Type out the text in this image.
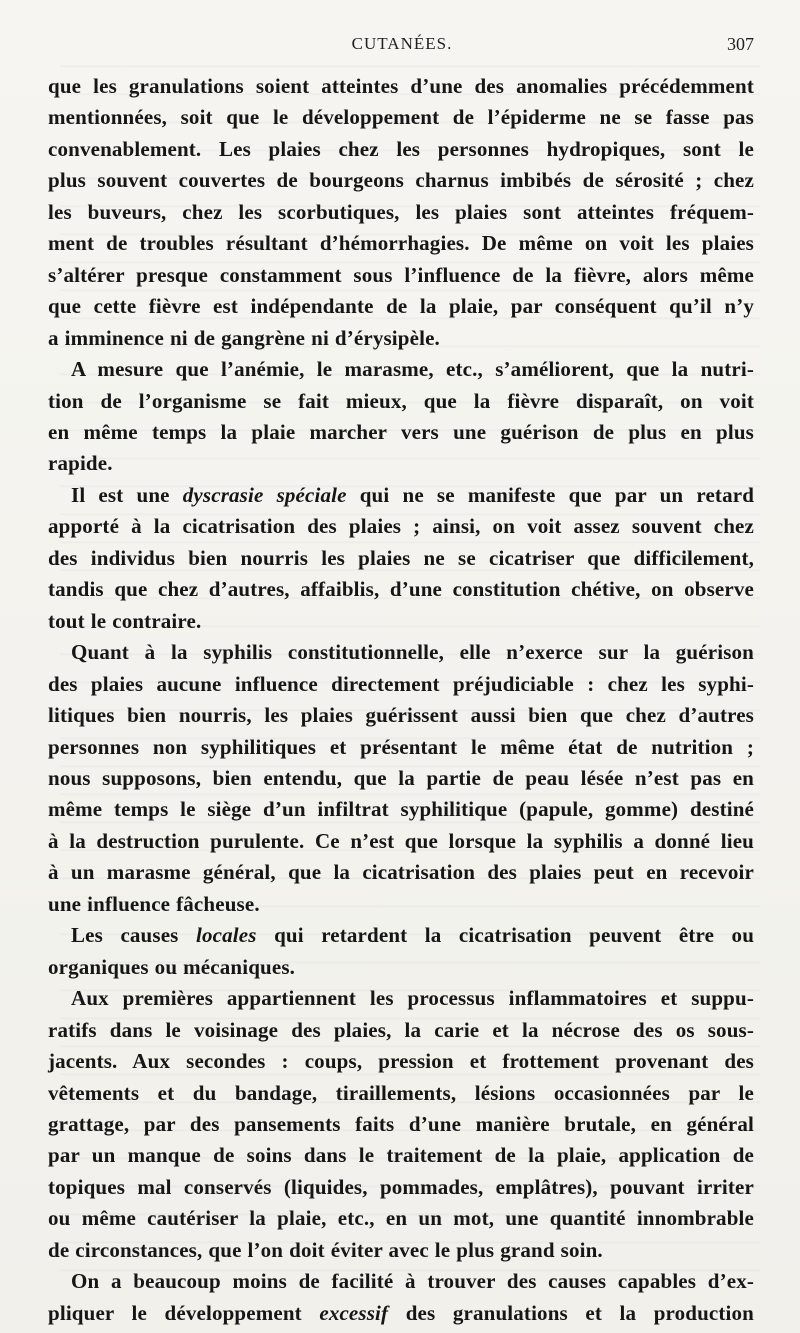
CUTANÉES.	307
que les granulations soient atteintes d’une des anomalies précédemment
mentionnées, soit que le développement de l’épiderme ne se fasse pas
convenablement. Les plaies chez les personnes hydropiques, sont le
plus souvent couvertes de bourgeons charnus imbibés de sérosité ; chez
les buveurs, chez les scorbutiques, les plaies sont atteintes fréquem-
ment de troubles résultant d’hémorrhagies. De même on voit les plaies
s’altérer presque constamment sous l’influence de la fièvre, alors même
que cette fièvre est indépendante de la plaie, par conséquent qu’il n’y
a imminence ni de gangrène ni d’érysipèle.
A mesure que l’anémie, le marasme, etc., s’améliorent, que la nutri-
tion de l’organisme se fait mieux, que la fièvre disparaît, on voit
en même temps la plaie marcher vers une guérison de plus en plus
rapide.
Il est une dyscrasie spéciale qui ne se manifeste que par un retard
apporté à la cicatrisation des plaies ; ainsi, on voit assez souvent chez
des individus bien nourris les plaies ne se cicatriser que difficilement,
tandis que chez d’autres, affaiblis, d’une constitution chétive, on observe
tout le contraire.
Quant à la syphilis constitutionnelle, elle n’exerce sur la guérison
des plaies aucune influence directement préjudiciable : chez les syphi-
litiques bien nourris, les plaies guérissent aussi bien que chez d’autres
personnes non syphilitiques et présentant le même état de nutrition ;
nous supposons, bien entendu, que la partie de peau lésée n’est pas en
même temps le siège d’un infiltrat syphilitique (papule, gomme) destiné
à la destruction purulente. Ce n’est que lorsque la syphilis a donné lieu
à un marasme général, que la cicatrisation des plaies peut en recevoir
une influence fâcheuse.
Les causes locales qui retardent la cicatrisation peuvent être ou
organiques ou mécaniques.
Aux premières appartiennent les processus inflammatoires et suppu-
ratifs dans le voisinage des plaies, la carie et la nécrose des os sous-
jacents. Aux secondes : coups, pression et frottement provenant des
vêtements et du bandage, tiraillements, lésions occasionnées par le
grattage, par des pansements faits d’une manière brutale, en général
par un manque de soins dans le traitement de la plaie, application de
topiques mal conservés (liquides, pommades, emplâtres), pouvant irriter
ou même cautériser la plaie, etc., en un mot, une quantité innombrable
de circonstances, que l’on doit éviter avec le plus grand soin.
On a beaucoup moins de facilité à trouver des causes capables d’ex-
pliquer le développement excessif des granulations et la production
